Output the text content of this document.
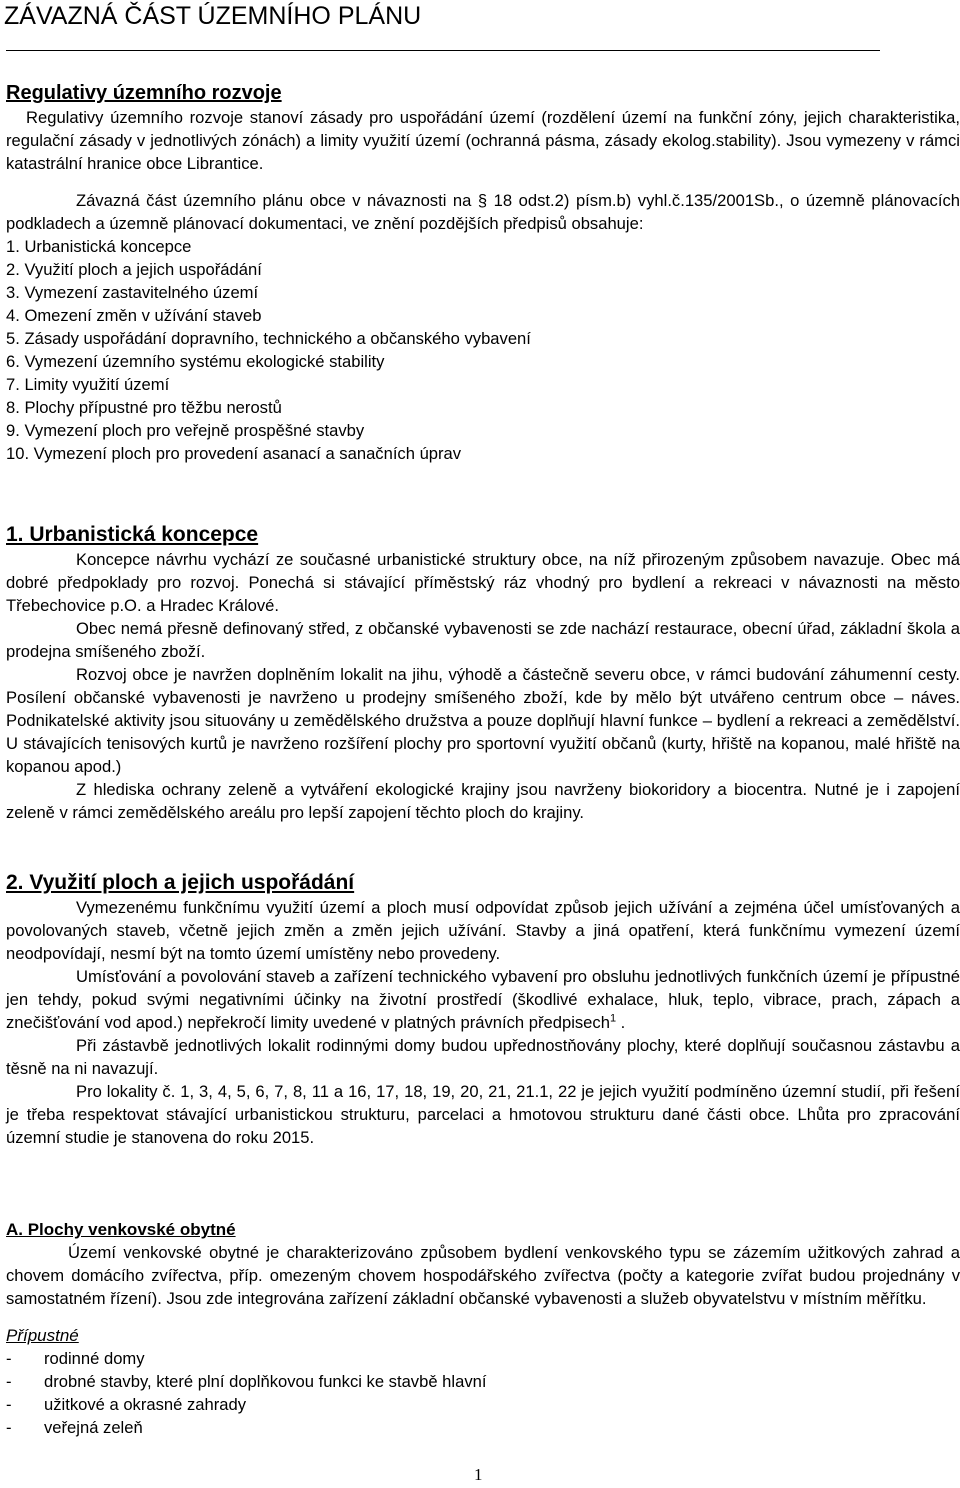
ZÁVAZNÁ ČÁST ÚZEMNÍHO PLÁNU
Regulativy územního rozvoje

Regulativy územního rozvoje stanoví zásady pro uspořádání území (rozdělení území na funkční zóny, jejich charakteristika, regulační zásady v jednotlivých zónách) a limity využití území (ochranná pásma, zásady ekolog.stability). Jsou vymezeny v rámci katastrální hranice obce Librantice.

Závazná část územního plánu obce v návaznosti na § 18 odst.2) písm.b) vyhl.č.135/2001Sb., o územně plánovacích podkladech a územně plánovací dokumentaci, ve znění pozdějších předpisů obsahuje:

1. Urbanistická koncepce
2. Využití ploch a jejich uspořádání
3. Vymezení zastavitelného území
4. Omezení změn v užívání staveb
5. Zásady uspořádání dopravního, technického a občanského vybavení
6. Vymezení územního systému ekologické stability
7. Limity využití území
8. Plochy přípustné pro těžbu nerostů
9. Vymezení ploch pro veřejně prospěšné stavby
10. Vymezení ploch pro provedení asanací a sanačních úprav
1. Urbanistická koncepce

Koncepce návrhu vychází ze současné urbanistické struktury obce, na níž přirozeným způsobem navazuje. Obec má dobré předpoklady pro rozvoj. Ponechá si stávající příměstský ráz vhodný pro bydlení a rekreaci v návaznosti na město Třebechovice p.O. a Hradec Králové.

Obec nemá přesně definovaný střed, z občanské vybavenosti se zde nachází restaurace, obecní úřad, základní škola a prodejna smíšeného zboží.

Rozvoj obce je navržen doplněním lokalit na jihu, výhodě a částečně severu obce, v rámci budování záhumenní cesty. Posílení občanské vybavenosti je navrženo u prodejny smíšeného zboží, kde by mělo být utvářeno centrum obce – náves. Podnikatelské aktivity jsou situovány u zemědělského družstva a pouze doplňují hlavní funkce – bydlení a rekreaci a zemědělství. U stávajících tenisových kurtů je navrženo rozšíření plochy pro sportovní využití občanů (kurty, hřiště na kopanou, malé hřiště na kopanou apod.)

Z hlediska ochrany zeleně a vytváření ekologické krajiny jsou navrženy biokoridory a biocentra. Nutné je i zapojení zeleně v rámci zemědělského areálu pro lepší zapojení těchto ploch do krajiny.

2. Využití ploch a jejich uspořádání

Vymezenému funkčnímu využití území a ploch musí odpovídat způsob jejich užívání a zejména účel umísťovaných a povolovaných staveb, včetně jejich změn a změn jejich užívání. Stavby a jiná opatření, která funkčnímu vymezení území neodpovídají, nesmí být na tomto území umístěny nebo provedeny.

Umísťování a povolování staveb a zařízení technického vybavení pro obsluhu jednotlivých funkčních území je přípustné jen tehdy, pokud svými negativními účinky na životní prostředí (škodlivé exhalace, hluk, teplo, vibrace, prach, zápach a znečišťování vod apod.) nepřekročí limity uvedené v platných právních předpisech$^1$ .

Při zástavbě jednotlivých lokalit rodinnými domy budou upřednostňovány plochy, které doplňují současnou zástavbu a těsně na ni navazují.

Pro lokality č. 1, 3, 4, 5, 6, 7, 8, 11 a 16, 17, 18, 19, 20, 21, 21.1, 22 je jejich využití podmíněno územní studií, při řešení je třeba respektovat stávající urbanistickou strukturu, parcelaci a hmotovou strukturu dané části obce. Lhůta pro zpracování územní studie je stanovena do roku 2015.

A. Plochy venkovské obytné

Území venkovské obytné je charakterizováno způsobem bydlení venkovského typu se zázemím užitkových zahrad a chovem domácího zvířectva, příp. omezeným chovem hospodářského zvířectva (počty a kategorie zvířat budou projednány v samostatném řízení). Jsou zde integrována zařízení základní občanské vybavenosti a služeb obyvatelstvu v místním měřítku.

Přípustné
- rodinné domy
- drobné stavby, které plní doplňkovou funkci ke stavbě hlavní
- užitkové a okrasné zahrady
- veřejná zeleň
1
